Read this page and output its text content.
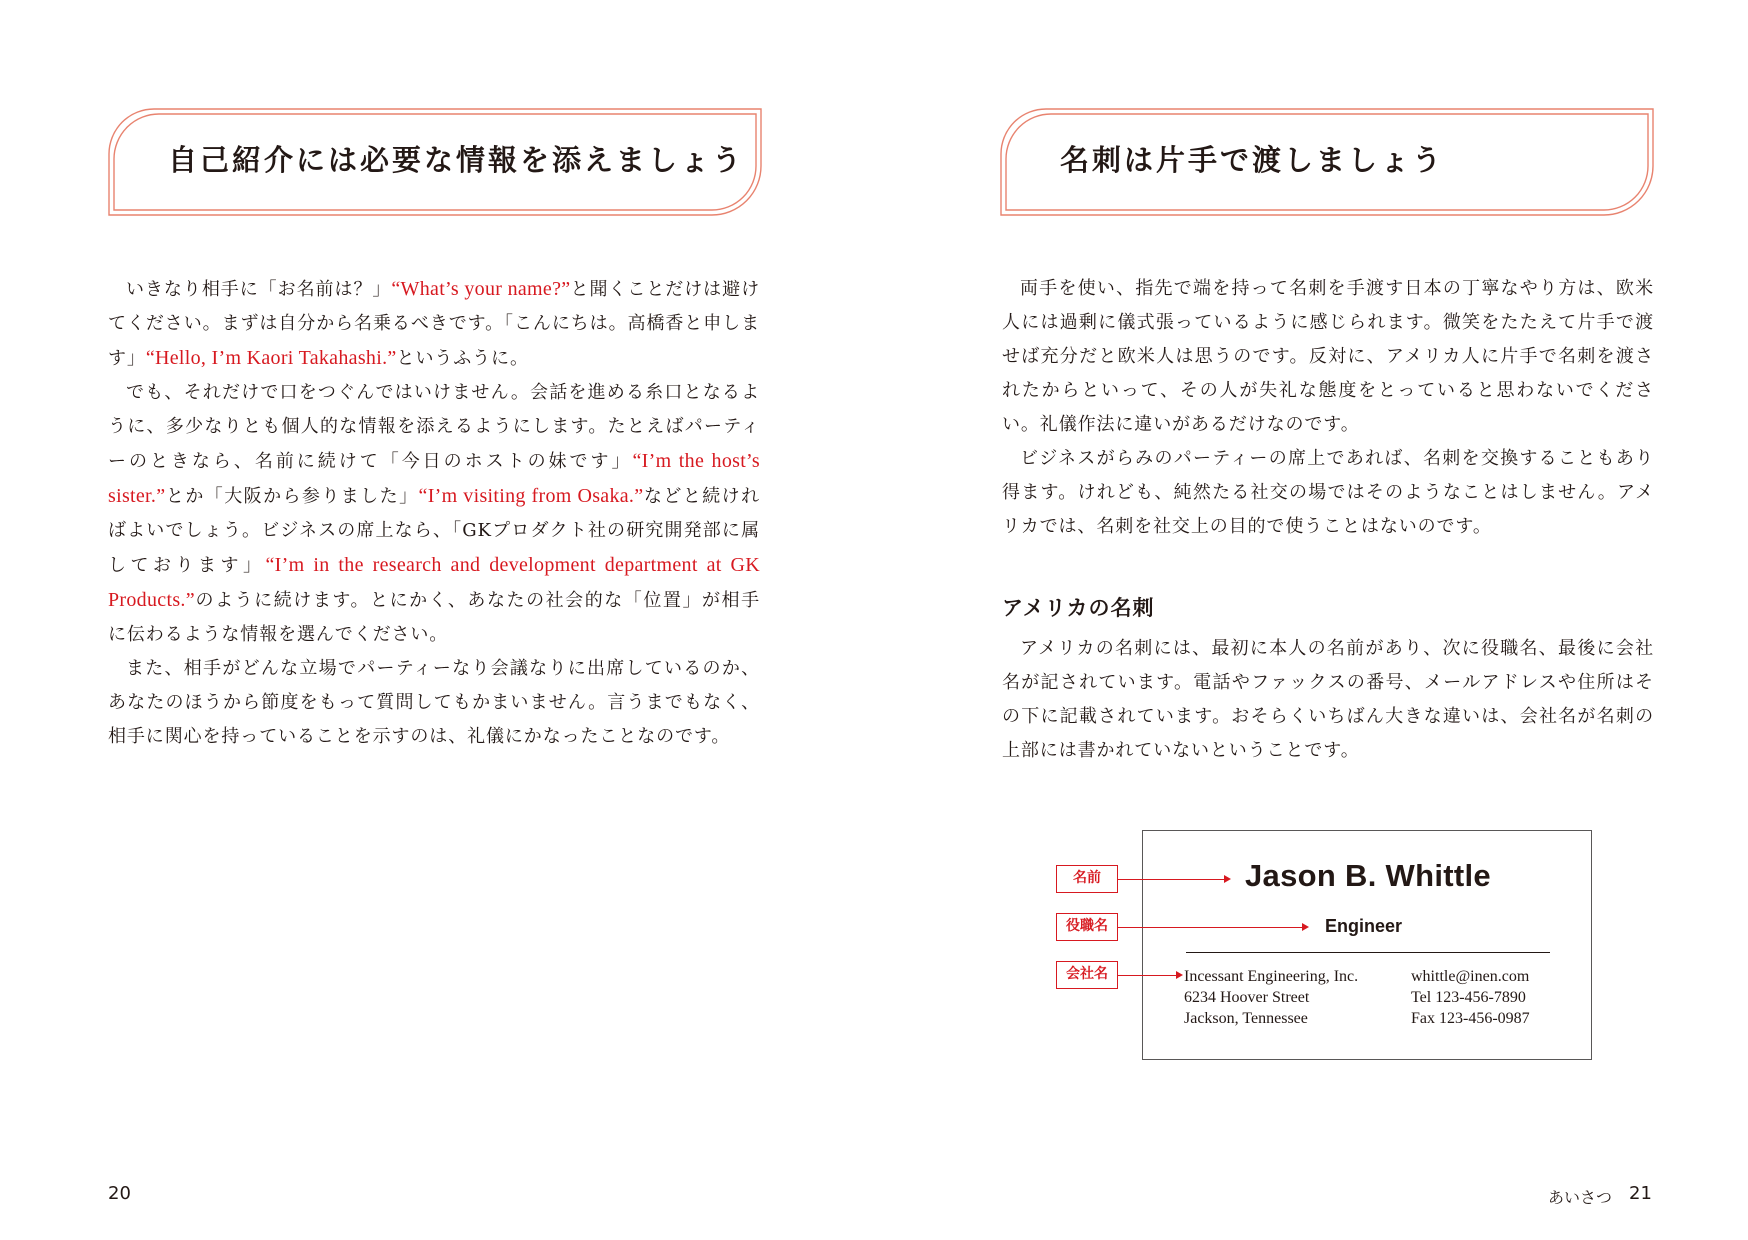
自己紹介には必要な情報を添えましょう

いきなり相手に「お名前は？」“What’s your name?”と聞くことだけは避けてください。まずは自分から名乗るべきです。「こんにちは。高橋香と申します」“Hello, I’m Kaori Takahashi.”というふうに。

でも、それだけで口をつぐんではいけません。会話を進める糸口となるように、多少なりとも個人的な情報を添えるようにします。たとえばパーティーのときなら、名前に続けて「今日のホストの妹です」“I’m the host’s sister.”とか「大阪から参りました」“I’m visiting from Osaka.”などと続ければよいでしょう。ビジネスの席上なら、「GKプロダクト社の研究開発部に属しております」“I’m in the research and development department at GK Products.”のように続けます。とにかく、あなたの社会的な「位置」が相手に伝わるような情報を選んでください。

また、相手がどんな立場でパーティーなり会議なりに出席しているのか、あなたのほうから節度をもって質問してもかまいません。言うまでもなく、相手に関心を持っていることを示すのは、礼儀にかなったことなのです。

20
名刺は片手で渡しましょう

両手を使い、指先で端を持って名刺を手渡す日本の丁寧なやり方は、欧米人には過剰に儀式張っているように感じられます。微笑をたたえて片手で渡せば充分だと欧米人は思うのです。反対に、アメリカ人に片手で名刺を渡されたからといって、その人が失礼な態度をとっていると思わないでください。礼儀作法に違いがあるだけなのです。

ビジネスがらみのパーティーの席上であれば、名刺を交換することもあり得ます。けれども、純然たる社交の場ではそのようなことはしません。アメリカでは、名刺を社交上の目的で使うことはないのです。

アメリカの名刺

アメリカの名刺には、最初に本人の名前があり、次に役職名、最後に会社名が記されています。電話やファックスの番号、メールアドレスや住所はその下に記載されています。おそらくいちばん大きな違いは、会社名が名刺の上部には書かれていないということです。

あいさつ 21
Jason B. Whittle
Engineer
Incessant Engineering, Inc.
6234 Hoover Street
Jackson, Tennessee
whittle@inen.com
Tel 123-456-7890
Fax 123-456-0987
名前
役職名
会社名
